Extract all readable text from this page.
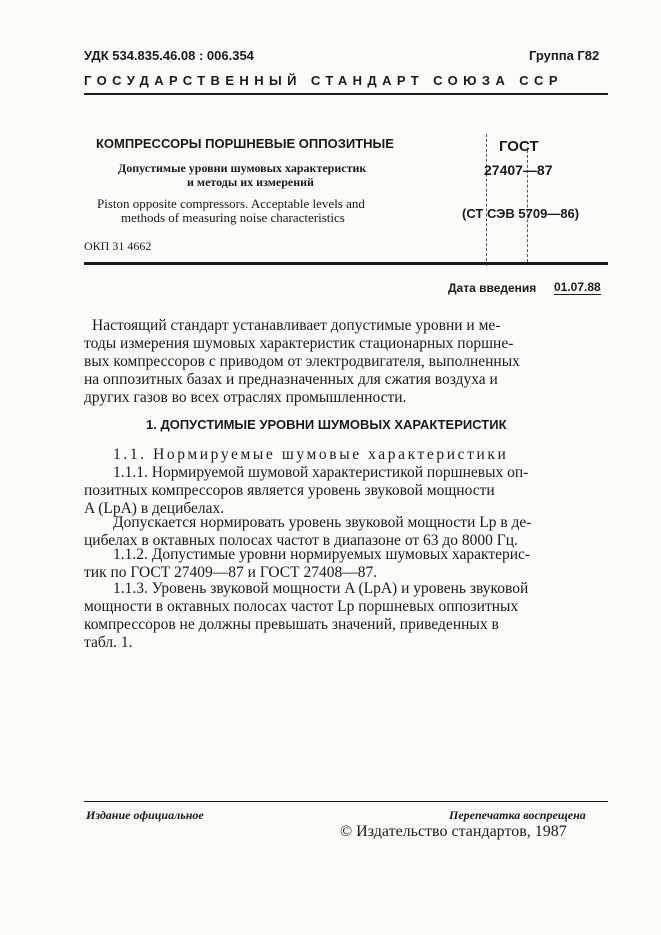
УДК 534.835.46.08 : 006.354	Группа Г82
ГОСУДАРСТВЕННЫЙ СТАНДАРТ СОЮЗА ССР
КОМПРЕССОРЫ ПОРШНЕВЫЕ ОППОЗИТНЫЕ
Допустимые уровни шумовых характеристик
и методы их измерений
Piston opposite compressors. Acceptable levels and
methods of measuring noise characteristics
ОКП 31 4662
ГОСТ
27407—87
(СТ СЭВ 5709—86)
Дата введения 01.07.88
Настоящий стандарт устанавливает допустимые уровни и ме-
тоды измерения шумовых характеристик стационарных поршне-
вых компрессоров с приводом от электродвигателя, выполненных
на оппозитных базах и предназначенных для сжатия воздуха и
других газов во всех отраслях промышленности.
1. ДОПУСТИМЫЕ УРОВНИ ШУМОВЫХ ХАРАКТЕРИСТИК
1.1. Нормируемые шумовые характеристики
1.1.1. Нормируемой шумовой характеристикой поршневых оп-
позитных компрессоров является уровень звуковой мощности
A (LpA) в децибелах.
Допускается нормировать уровень звуковой мощности Lp в де-
цибелах в октавных полосах частот в диапазоне от 63 до 8000 Гц.
1.1.2. Допустимые уровни нормируемых шумовых характерис-
тик по ГОСТ 27409—87 и ГОСТ 27408—87.
1.1.3. Уровень звуковой мощности A (LpA) и уровень звуковой
мощности в октавных полосах частот Lp поршневых оппозитных
компрессоров не должны превышать значений, приведенных в
табл. 1.
Издание официальное	Перепечатка воспрещена
© Издательство стандартов, 1987
